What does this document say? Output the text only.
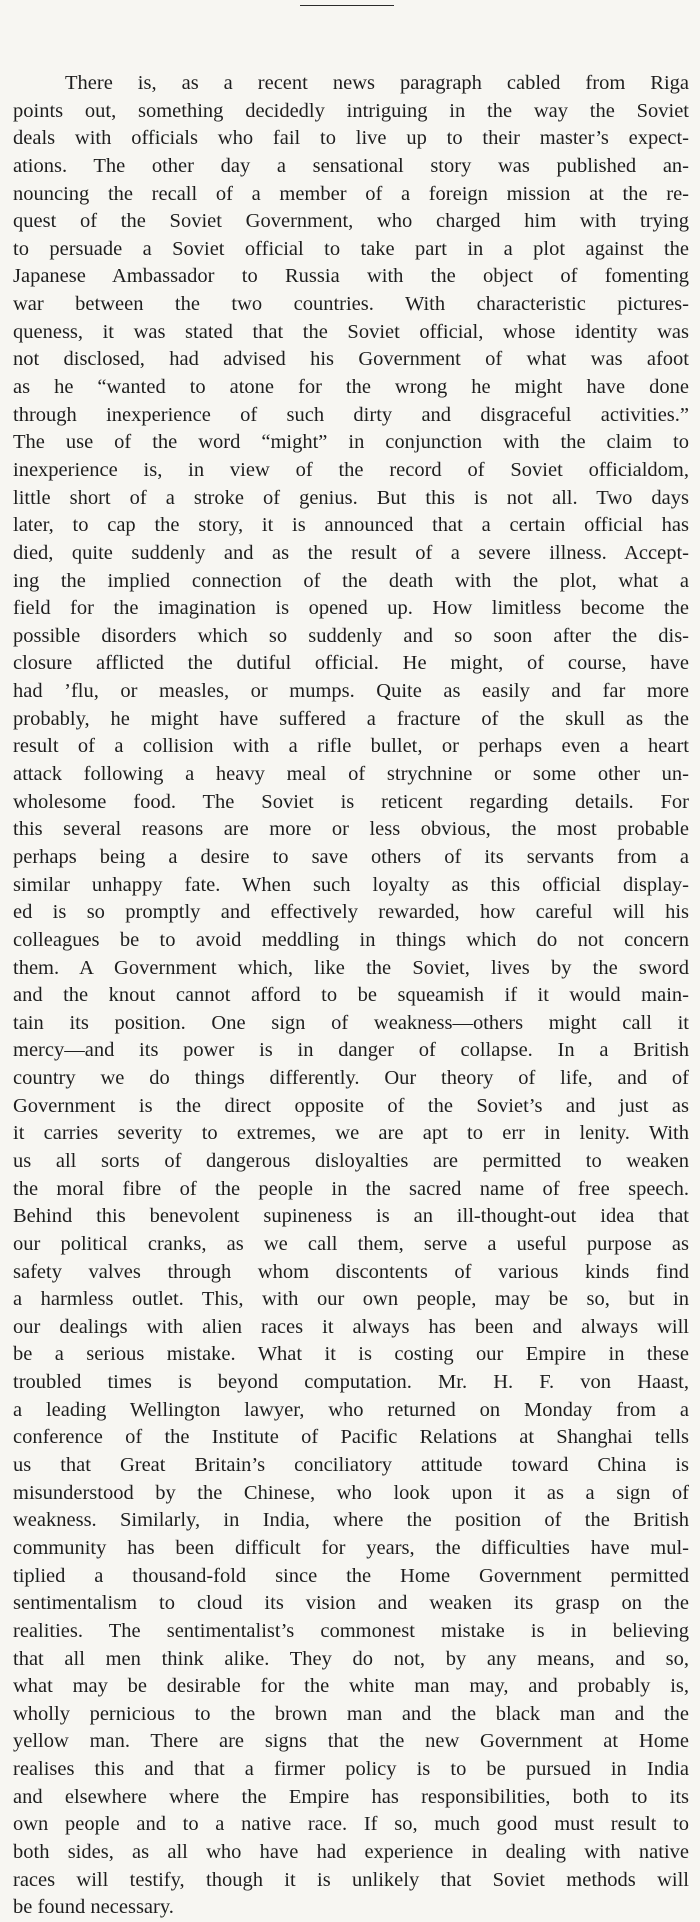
There is, as a recent news paragraph cabled from Riga
points out, something decidedly intriguing in the way the Soviet
deals with officials who fail to live up to their master’s expect-
ations. The other day a sensational story was published an-
nouncing the recall of a member of a foreign mission at the re-
quest of the Soviet Government, who charged him with trying
to persuade a Soviet official to take part in a plot against the
Japanese Ambassador to Russia with the object of fomenting
war between the two countries. With characteristic pictures-
queness, it was stated that the Soviet official, whose identity was
not disclosed, had advised his Government of what was afoot
as he “wanted to atone for the wrong he might have done
through inexperience of such dirty and disgraceful activities.”
The use of the word “might” in conjunction with the claim to
inexperience is, in view of the record of Soviet officialdom,
little short of a stroke of genius. But this is not all. Two days
later, to cap the story, it is announced that a certain official has
died, quite suddenly and as the result of a severe illness. Accept-
ing the implied connection of the death with the plot, what a
field for the imagination is opened up. How limitless become the
possible disorders which so suddenly and so soon after the dis-
closure afflicted the dutiful official. He might, of course, have
had ’flu, or measles, or mumps. Quite as easily and far more
probably, he might have suffered a fracture of the skull as the
result of a collision with a rifle bullet, or perhaps even a heart
attack following a heavy meal of strychnine or some other un-
wholesome food. The Soviet is reticent regarding details. For
this several reasons are more or less obvious, the most probable
perhaps being a desire to save others of its servants from a
similar unhappy fate. When such loyalty as this official display-
ed is so promptly and effectively rewarded, how careful will his
colleagues be to avoid meddling in things which do not concern
them. A Government which, like the Soviet, lives by the sword
and the knout cannot afford to be squeamish if it would main-
tain its position. One sign of weakness—others might call it
mercy—and its power is in danger of collapse. In a British
country we do things differently. Our theory of life, and of
Government is the direct opposite of the Soviet’s and just as
it carries severity to extremes, we are apt to err in lenity. With
us all sorts of dangerous disloyalties are permitted to weaken
the moral fibre of the people in the sacred name of free speech.
Behind this benevolent supineness is an ill-thought-out idea that
our political cranks, as we call them, serve a useful purpose as
safety valves through whom discontents of various kinds find
a harmless outlet. This, with our own people, may be so, but in
our dealings with alien races it always has been and always will
be a serious mistake. What it is costing our Empire in these
troubled times is beyond computation. Mr. H. F. von Haast,
a leading Wellington lawyer, who returned on Monday from a
conference of the Institute of Pacific Relations at Shanghai tells
us that Great Britain’s conciliatory attitude toward China is
misunderstood by the Chinese, who look upon it as a sign of
weakness. Similarly, in India, where the position of the British
community has been difficult for years, the difficulties have mul-
tiplied a thousand-fold since the Home Government permitted
sentimentalism to cloud its vision and weaken its grasp on the
realities. The sentimentalist’s commonest mistake is in believing
that all men think alike. They do not, by any means, and so,
what may be desirable for the white man may, and probably is,
wholly pernicious to the brown man and the black man and the
yellow man. There are signs that the new Government at Home
realises this and that a firmer policy is to be pursued in India
and elsewhere where the Empire has responsibilities, both to its
own people and to a native race. If so, much good must result to
both sides, as all who have had experience in dealing with native
races will testify, though it is unlikely that Soviet methods will
be found necessary.
